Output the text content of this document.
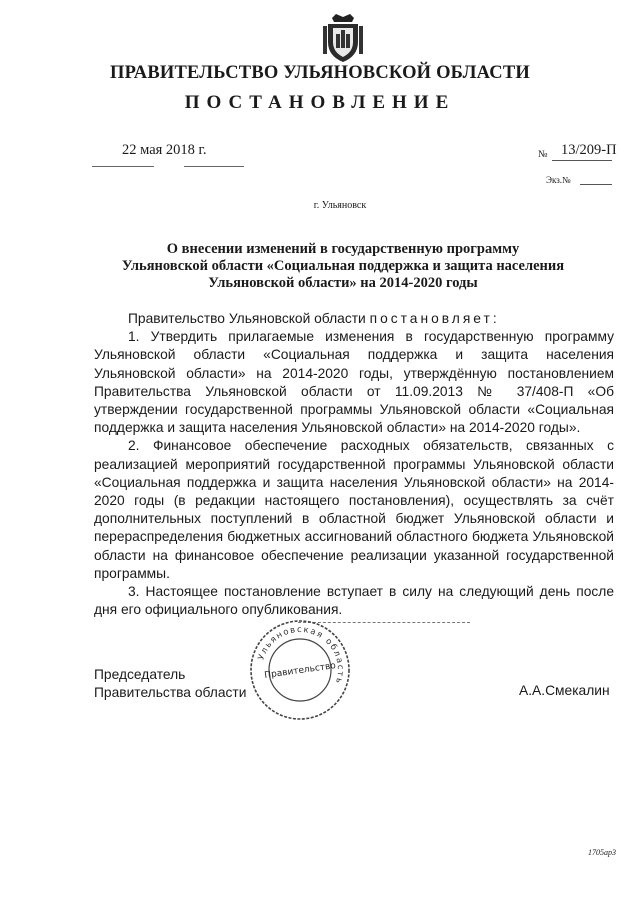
ПРАВИТЕЛЬСТВО УЛЬЯНОВСКОЙ ОБЛАСТИ
ПОСТАНОВЛЕНИЕ
22 мая 2018 г.	№ 13/209-П
Экз.№
г. Ульяновск
О внесении изменений в государственную программу
Ульяновской области «Социальная поддержка и защита населения
Ульяновской области» на 2014-2020 годы

Правительство Ульяновской области постановляет:

1. Утвердить прилагаемые изменения в государственную программу Ульяновской области «Социальная поддержка и защита населения Ульяновской области» на 2014-2020 годы, утверждённую постановлением Правительства Ульяновской области от 11.09.2013 № 37/408-П «Об утверждении государственной программы Ульяновской области «Социальная поддержка и защита населения Ульяновской области» на 2014-2020 годы».

2. Финансовое обеспечение расходных обязательств, связанных с реализацией мероприятий государственной программы Ульяновской области «Социальная поддержка и защита населения Ульяновской области» на 2014-2020 годы (в редакции настоящего постановления), осуществлять за счёт дополнительных поступлений в областной бюджет Ульяновской области и перераспределения бюджетных ассигнований областного бюджета Ульяновской области на финансовое обеспечение реализации указанной государственной программы.

3. Настоящее постановление вступает в силу на следующий день после дня его официального опубликования.

Ульяновская область
Правительство
Председатель
Правительства области	А.А.Смекалин
1705ар3
